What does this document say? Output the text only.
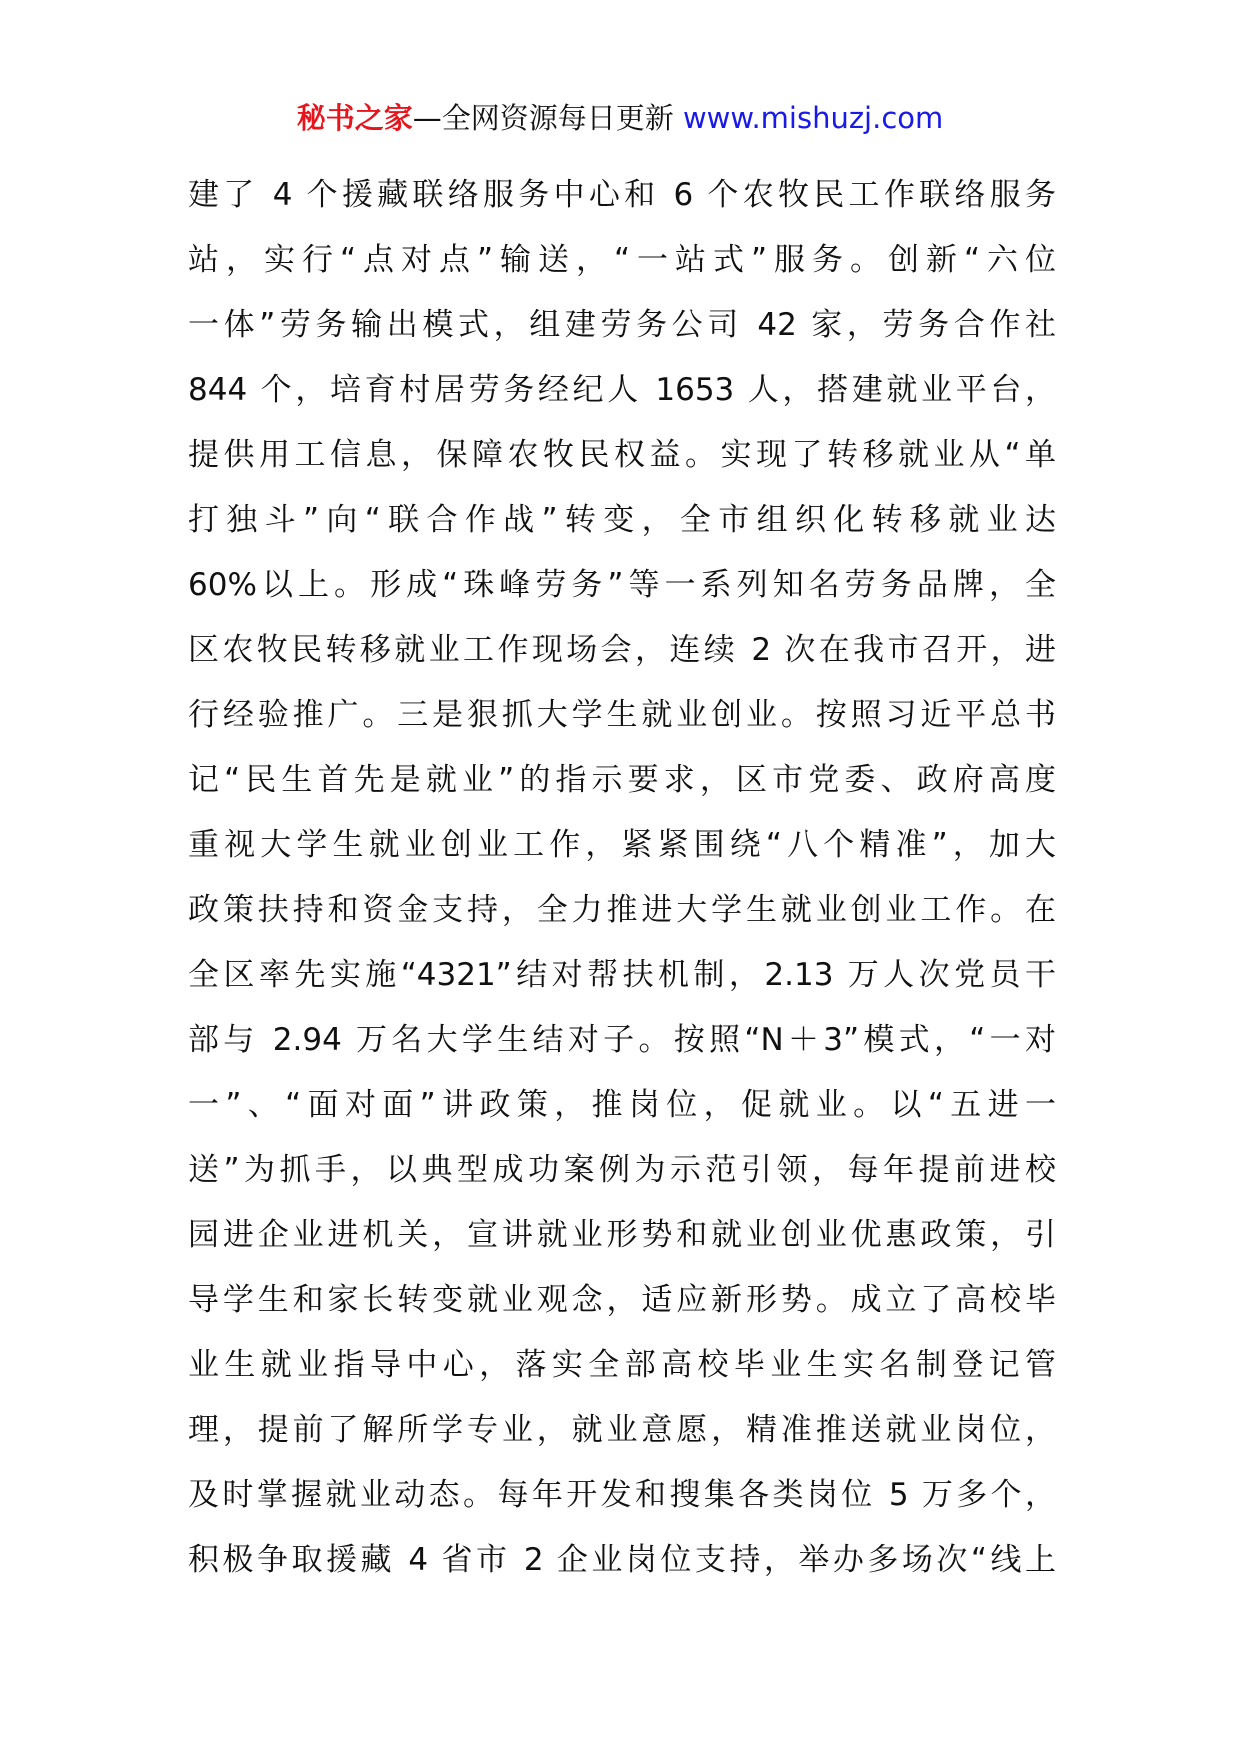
秘书之家—全网资源每日更新 www.mishuzj.com
建了 4 个援藏联络服务中心和 6 个农牧民工作联络服务
站，实行“点对点”输送，“一站式”服务。创新“六位
一体”劳务输出模式，组建劳务公司 42 家，劳务合作社
844 个，培育村居劳务经纪人 1653 人，搭建就业平台，
提供用工信息，保障农牧民权益。实现了转移就业从“单
打独斗”向“联合作战”转变，全市组织化转移就业达
60%以上。形成“珠峰劳务”等一系列知名劳务品牌，全
区农牧民转移就业工作现场会，连续 2 次在我市召开，进
行经验推广。三是狠抓大学生就业创业。按照习近平总书
记“民生首先是就业”的指示要求，区市党委、政府高度
重视大学生就业创业工作，紧紧围绕“八个精准”，加大
政策扶持和资金支持，全力推进大学生就业创业工作。在
全区率先实施“4321”结对帮扶机制，2.13 万人次党员干
部与 2.94 万名大学生结对子。按照“N＋3”模式，“一对
一”、“面对面”讲政策，推岗位，促就业。以“五进一
送”为抓手，以典型成功案例为示范引领，每年提前进校
园进企业进机关，宣讲就业形势和就业创业优惠政策，引
导学生和家长转变就业观念，适应新形势。成立了高校毕
业生就业指导中心，落实全部高校毕业生实名制登记管
理，提前了解所学专业，就业意愿，精准推送就业岗位，
及时掌握就业动态。每年开发和搜集各类岗位 5 万多个，
积极争取援藏 4 省市 2 企业岗位支持，举办多场次“线上
